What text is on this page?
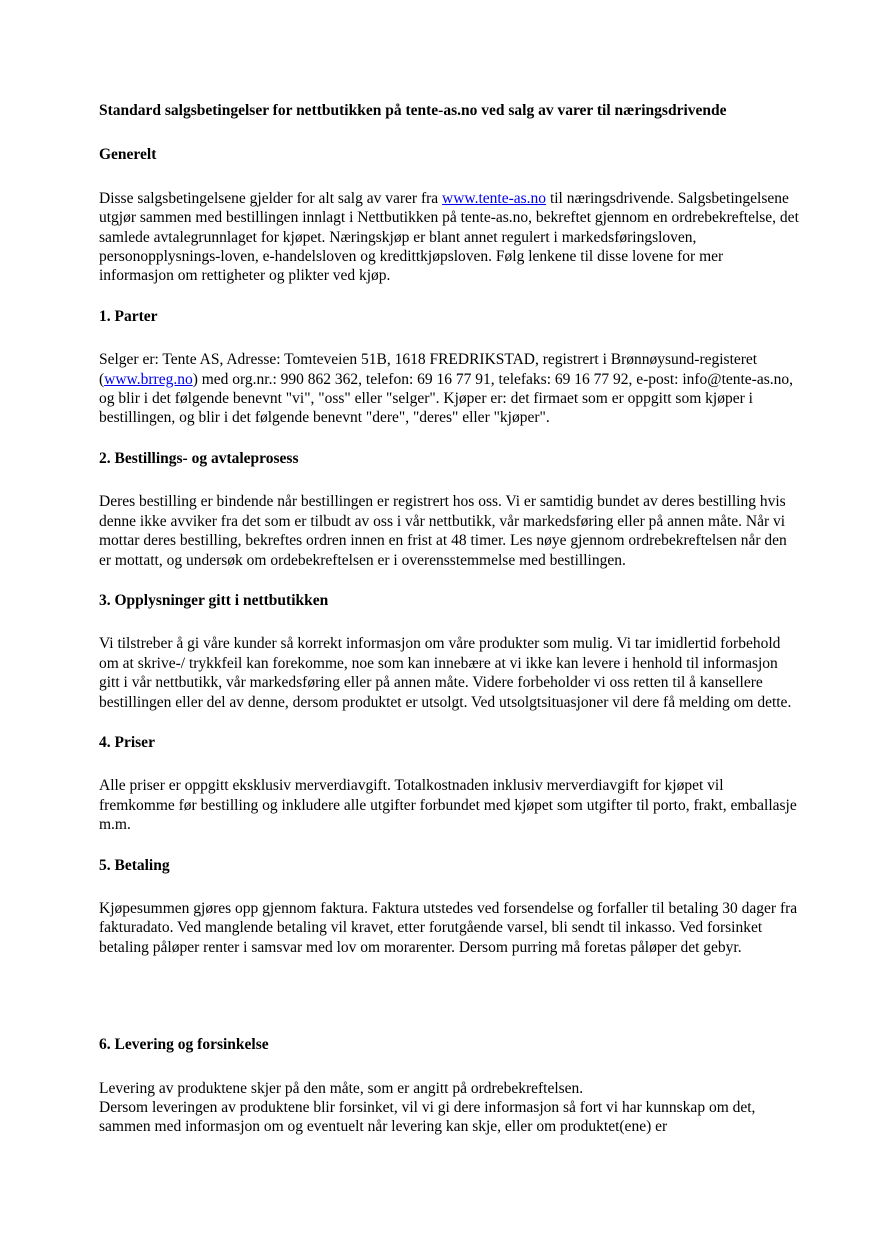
Standard salgsbetingelser for nettbutikken på tente-as.no ved salg av varer til næringsdrivende

Generelt

Disse salgsbetingelsene gjelder for alt salg av varer fra www.tente-as.no til næringsdrivende. Salgsbetingelsene utgjør sammen med bestillingen innlagt i Nettbutikken på tente-as.no, bekreftet gjennom en ordrebekreftelse, det samlede avtalegrunnlaget for kjøpet. Næringskjøp er blant annet regulert i markedsføringsloven, personopplysnings-loven, e-handelsloven og kredittkjøpsloven. Følg lenkene til disse lovene for mer informasjon om rettigheter og plikter ved kjøp.

1. Parter

Selger er: Tente AS, Adresse: Tomteveien 51B, 1618 FREDRIKSTAD, registrert i Brønnøysund-registeret (www.brreg.no) med org.nr.: 990 862 362, telefon: 69 16 77 91, telefaks: 69 16 77 92, e-post: info@tente-as.no, og blir i det følgende benevnt "vi", "oss" eller "selger". Kjøper er: det firmaet som er oppgitt som kjøper i bestillingen, og blir i det følgende benevnt "dere", "deres" eller "kjøper".

2. Bestillings- og avtaleprosess

Deres bestilling er bindende når bestillingen er registrert hos oss. Vi er samtidig bundet av deres bestilling hvis denne ikke avviker fra det som er tilbudt av oss i vår nettbutikk, vår markedsføring eller på annen måte. Når vi mottar deres bestilling, bekreftes ordren innen en frist at 48 timer. Les nøye gjennom ordrebekreftelsen når den er mottatt, og undersøk om ordebekreftelsen er i overensstemmelse med bestillingen.

3. Opplysninger gitt i nettbutikken

Vi tilstreber å gi våre kunder så korrekt informasjon om våre produkter som mulig. Vi tar imidlertid forbehold om at skrive-/ trykkfeil kan forekomme, noe som kan innebære at vi ikke kan levere i henhold til informasjon gitt i vår nettbutikk, vår markedsføring eller på annen måte. Videre forbeholder vi oss retten til å kansellere bestillingen eller del av denne, dersom produktet er utsolgt. Ved utsolgtsituasjoner vil dere få melding om dette.

4. Priser

Alle priser er oppgitt eksklusiv merverdiavgift. Totalkostnaden inklusiv merverdiavgift for kjøpet vil fremkomme før bestilling og inkludere alle utgifter forbundet med kjøpet som utgifter til porto, frakt, emballasje m.m.

5. Betaling

Kjøpesummen gjøres opp gjennom faktura. Faktura utstedes ved forsendelse og forfaller til betaling 30 dager fra fakturadato. Ved manglende betaling vil kravet, etter forutgående varsel, bli sendt til inkasso. Ved forsinket betaling påløper renter i samsvar med lov om morarenter. Dersom purring må foretas påløper det gebyr.

6. Levering og forsinkelse

Levering av produktene skjer på den måte, som er angitt på ordrebekreftelsen.

Dersom leveringen av produktene blir forsinket, vil vi gi dere informasjon så fort vi har kunnskap om det, sammen med informasjon om og eventuelt når levering kan skje, eller om produktet(ene) er
